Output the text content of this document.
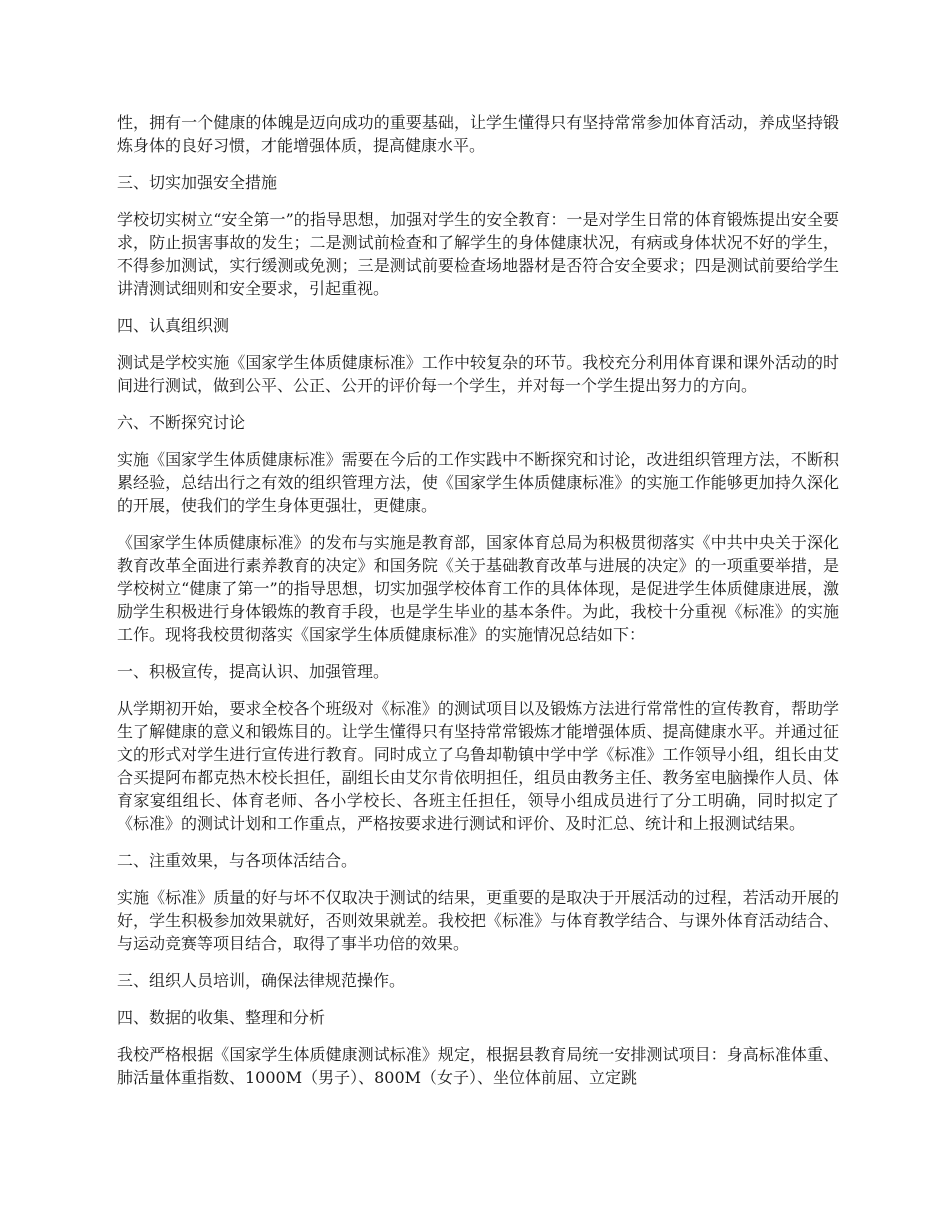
性，拥有一个健康的体魄是迈向成功的重要基础，让学生懂得只有坚持常常参加体育活动，养成坚持锻炼身体的良好习惯，才能增强体质，提高健康水平。

三、切实加强安全措施

学校切实树立“安全第一”的指导思想，加强对学生的安全教育：一是对学生日常的体育锻炼提出安全要求，防止损害事故的发生；二是测试前检查和了解学生的身体健康状况，有病或身体状况不好的学生，不得参加测试，实行缓测或免测；三是测试前要检查场地器材是否符合安全要求；四是测试前要给学生讲清测试细则和安全要求，引起重视。

四、认真组织测

测试是学校实施《国家学生体质健康标准》工作中较复杂的环节。我校充分利用体育课和课外活动的时间进行测试，做到公平、公正、公开的评价每一个学生，并对每一个学生提出努力的方向。

六、不断探究讨论

实施《国家学生体质健康标准》需要在今后的工作实践中不断探究和讨论，改进组织管理方法，不断积累经验，总结出行之有效的组织管理方法，使《国家学生体质健康标准》的实施工作能够更加持久深化的开展，使我们的学生身体更强壮，更健康。

《国家学生体质健康标准》的发布与实施是教育部，国家体育总局为积极贯彻落实《中共中央关于深化教育改革全面进行素养教育的决定》和国务院《关于基础教育改革与进展的决定》的一项重要举措，是学校树立“健康了第一”的指导思想，切实加强学校体育工作的具体体现，是促进学生体质健康进展，激励学生积极进行身体锻炼的教育手段，也是学生毕业的基本条件。为此，我校十分重视《标准》的实施工作。现将我校贯彻落实《国家学生体质健康标准》的实施情况总结如下：

一、积极宣传，提高认识、加强管理。

从学期初开始，要求全校各个班级对《标准》的测试项目以及锻炼方法进行常常性的宣传教育，帮助学生了解健康的意义和锻炼目的。让学生懂得只有坚持常常锻炼才能增强体质、提高健康水平。并通过征文的形式对学生进行宣传进行教育。同时成立了乌鲁却勒镇中学中学《标准》工作领导小组，组长由艾合买提阿布都克热木校长担任，副组长由艾尔肯依明担任，组员由教务主任、教务室电脑操作人员、体育家宴组组长、体育老师、各小学校长、各班主任担任，领导小组成员进行了分工明确，同时拟定了《标准》的测试计划和工作重点，严格按要求进行测试和评价、及时汇总、统计和上报测试结果。

二、注重效果，与各项体活结合。

实施《标准》质量的好与坏不仅取决于测试的结果，更重要的是取决于开展活动的过程，若活动开展的好，学生积极参加效果就好，否则效果就差。我校把《标准》与体育教学结合、与课外体育活动结合、与运动竞赛等项目结合，取得了事半功倍的效果。

三、组织人员培训，确保法律规范操作。

四、数据的收集、整理和分析

我校严格根据《国家学生体质健康测试标准》规定，根据县教育局统一安排测试项目：身高标准体重、肺活量体重指数、1000M（男子）、800M（女子）、坐位体前屈、立定跳
